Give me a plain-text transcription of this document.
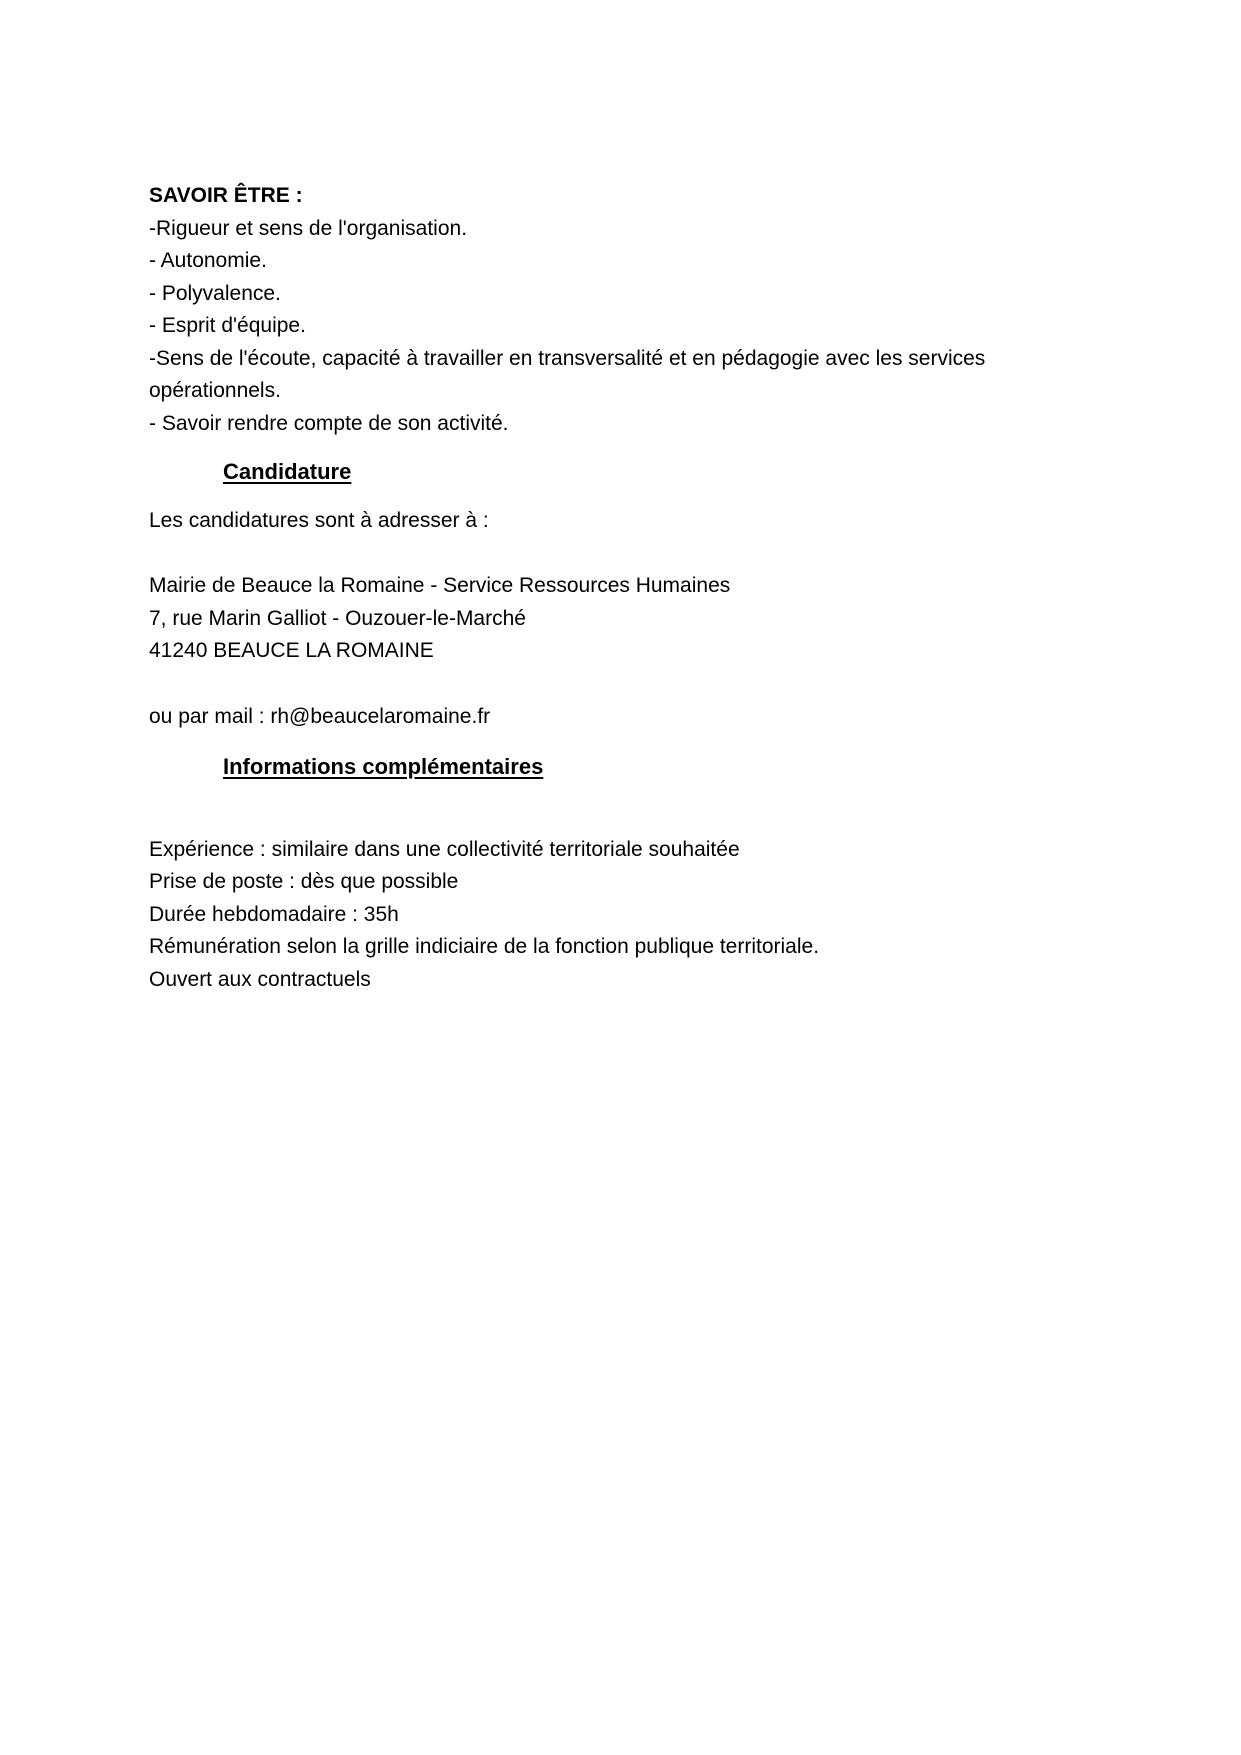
SAVOIR ÊTRE :
-Rigueur et sens de l'organisation.
- Autonomie.
- Polyvalence.
- Esprit d'équipe.
-Sens de l'écoute, capacité à travailler en transversalité et en pédagogie avec les services
opérationnels.
- Savoir rendre compte de son activité.
Candidature
Les candidatures sont à adresser à :
Mairie de Beauce la Romaine - Service Ressources Humaines
7, rue Marin Galliot - Ouzouer-le-Marché
41240 BEAUCE LA ROMAINE
ou par mail : rh@beaucelaromaine.fr
Informations complémentaires
Expérience : similaire dans une collectivité territoriale souhaitée
Prise de poste : dès que possible
Durée hebdomadaire : 35h
Rémunération selon la grille indiciaire de la fonction publique territoriale.
Ouvert aux contractuels
